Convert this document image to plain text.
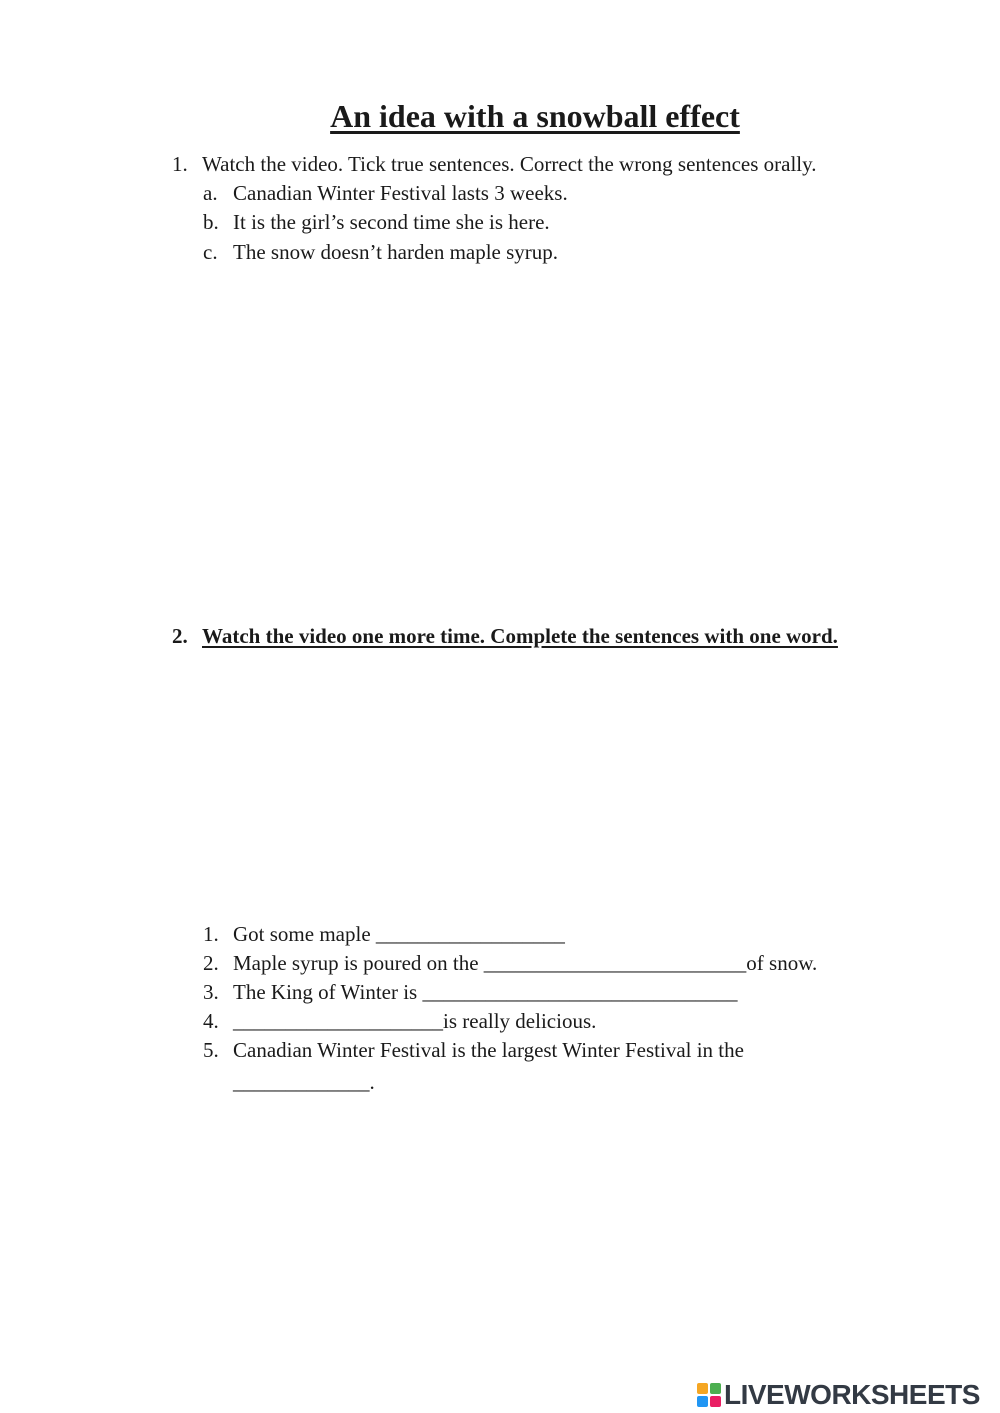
An idea with a snowball effect
1. Watch the video. Tick true sentences. Correct the wrong sentences orally.
a. Canadian Winter Festival lasts 3 weeks.
b. It is the girl’s second time she is here.
c. The snow doesn’t harden maple syrup.
2. Watch the video one more time. Complete the sentences with one word.
1. Got some maple __________________
2. Maple syrup is poured on the _________________________of snow.
3. The King of Winter is ______________________________
4. ____________________is really delicious.
5. Canadian Winter Festival is the largest Winter Festival in the
_____________.
LIVEWORKSHEETS
